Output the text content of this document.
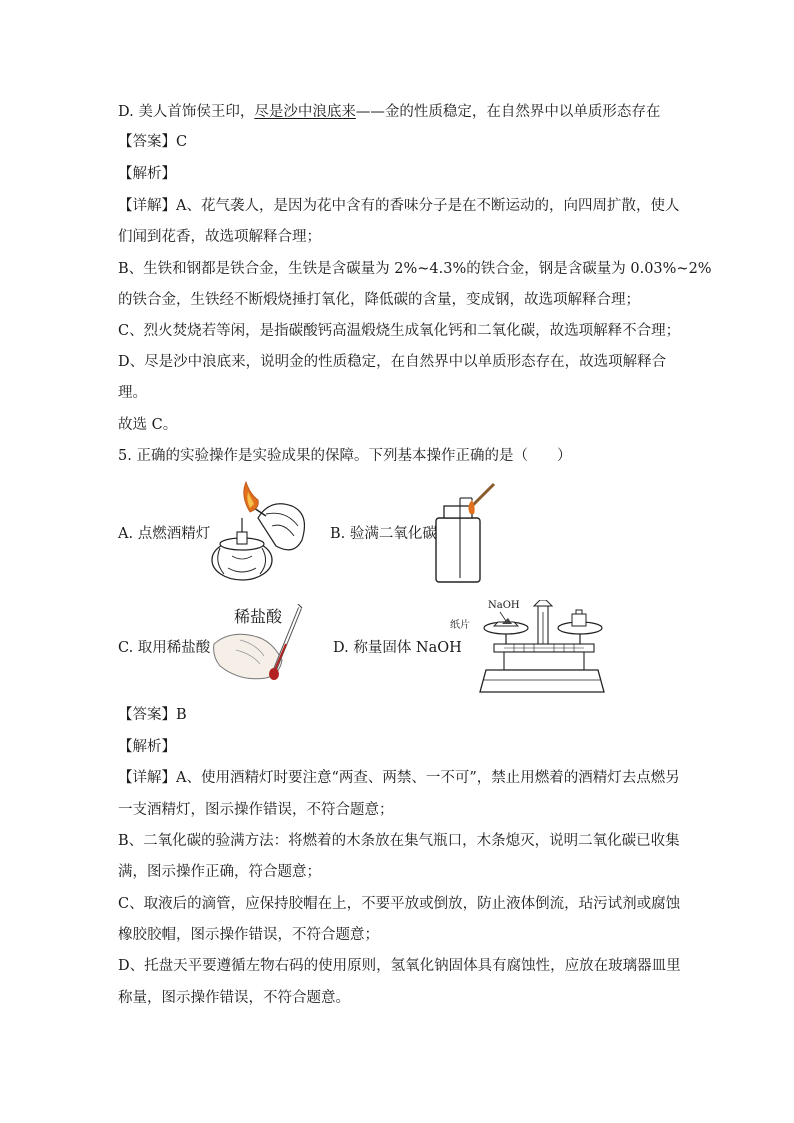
D. 美人首饰侯王印，尽是沙中浪底来——金的性质稳定，在自然界中以单质形态存在
【答案】C
【解析】
【详解】A、花气袭人，是因为花中含有的香味分子是在不断运动的，向四周扩散，使人
们闻到花香，故选项解释合理；
B、生铁和钢都是铁合金，生铁是含碳量为 2%~4.3%的铁合金，钢是含碳量为 0.03%~2%
的铁合金，生铁经不断煅烧捶打氧化，降低碳的含量，变成钢，故选项解释合理；
C、烈火焚烧若等闲，是指碳酸钙高温煅烧生成氧化钙和二氧化碳，故选项解释不合理；
D、尽是沙中浪底来，说明金的性质稳定，在自然界中以单质形态存在，故选项解释合
理。
故选 C。
5. 正确的实验操作是实验成果的保障。下列基本操作正确的是（　　）
A. 点燃酒精灯	B. 验满二氧化碳
稀盐酸
C. 取用稀盐酸
NaOH
纸片
D. 称量固体 NaOH
【答案】B
【解析】
【详解】A、使用酒精灯时要注意“两查、两禁、一不可”，禁止用燃着的酒精灯去点燃另
一支酒精灯，图示操作错误，不符合题意；
B、二氧化碳的验满方法：将燃着的木条放在集气瓶口，木条熄灭，说明二氧化碳已收集
满，图示操作正确，符合题意；
C、取液后的滴管，应保持胶帽在上，不要平放或倒放，防止液体倒流，玷污试剂或腐蚀
橡胶胶帽，图示操作错误，不符合题意；
D、托盘天平要遵循左物右码的使用原则，氢氧化钠固体具有腐蚀性，应放在玻璃器皿里
称量，图示操作错误，不符合题意。
